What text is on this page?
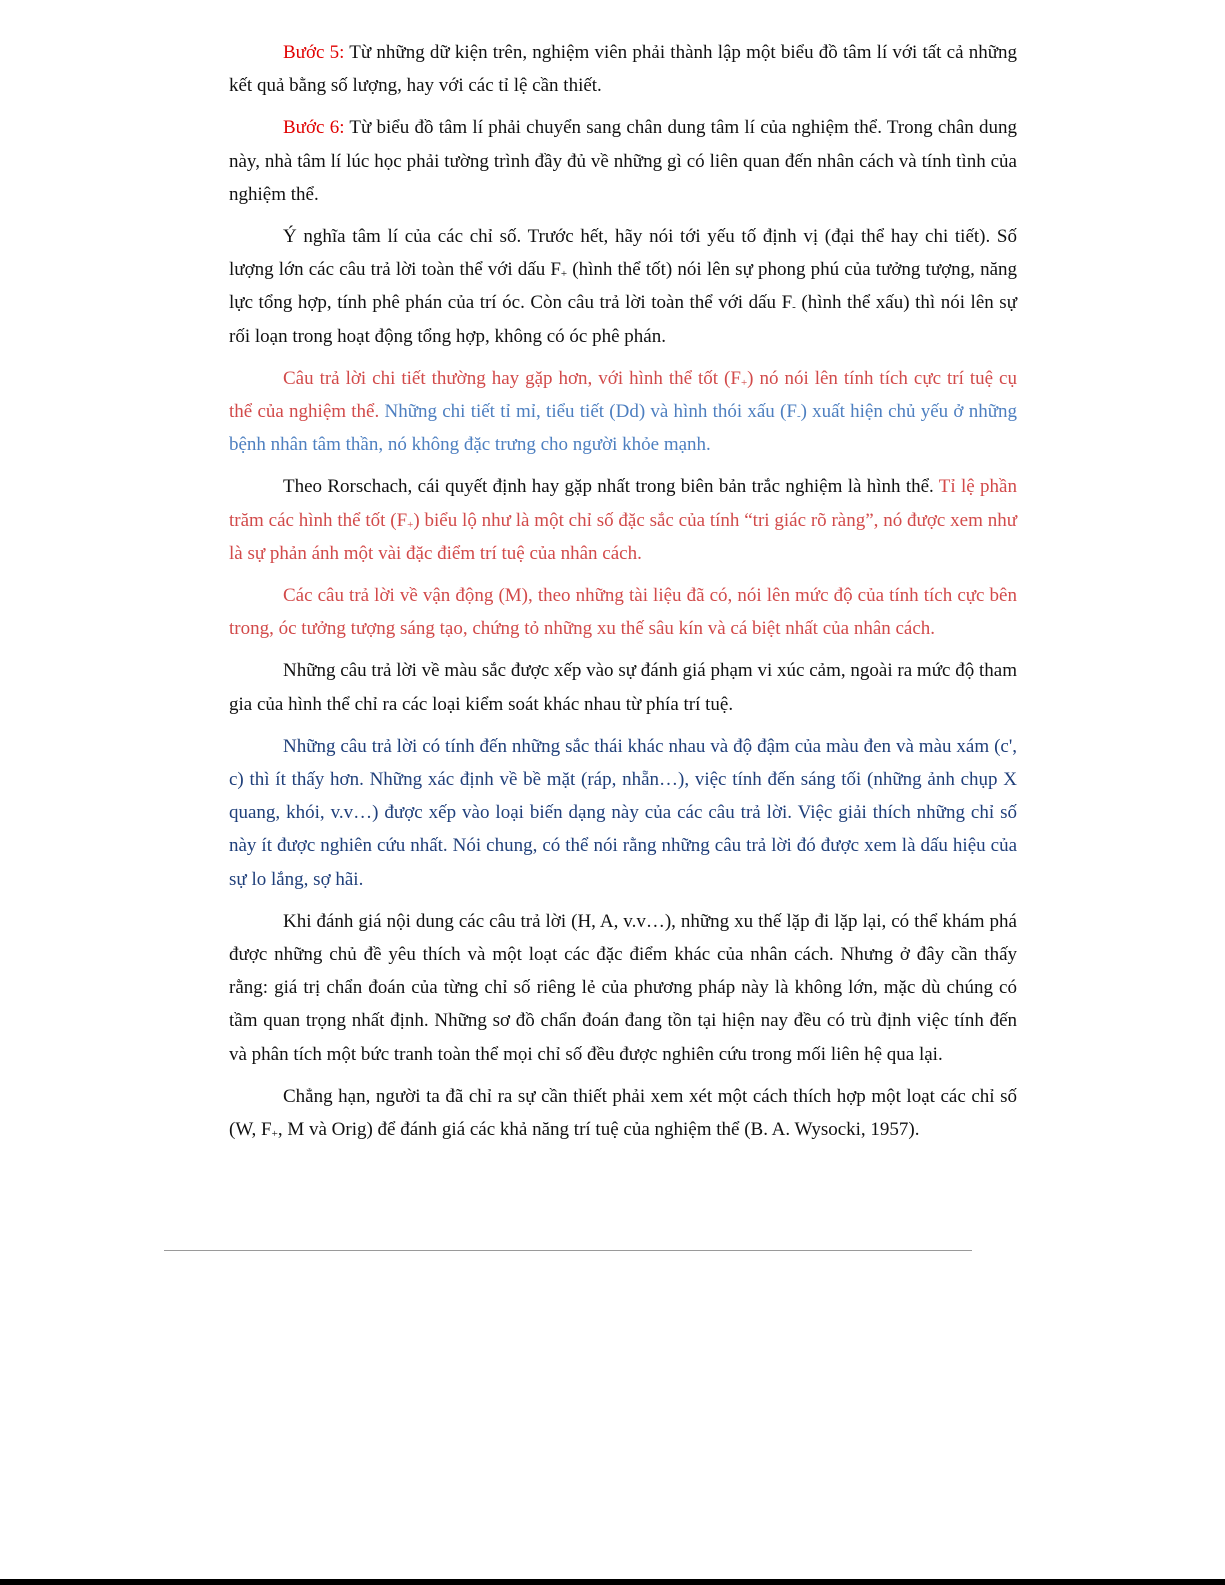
Bước 5: Từ những dữ kiện trên, nghiệm viên phải thành lập một biểu đồ tâm lí với tất cả những kết quả bằng số lượng, hay với các tỉ lệ cần thiết.

Bước 6: Từ biểu đồ tâm lí phải chuyển sang chân dung tâm lí của nghiệm thể. Trong chân dung này, nhà tâm lí lúc học phải tường trình đầy đủ về những gì có liên quan đến nhân cách và tính tình của nghiệm thể.

Ý nghĩa tâm lí của các chỉ số. Trước hết, hãy nói tới yếu tố định vị (đại thể hay chi tiết). Số lượng lớn các câu trả lời toàn thể với dấu $F_+$ (hình thể tốt) nói lên sự phong phú của tưởng tượng, năng lực tổng hợp, tính phê phán của trí óc. Còn câu trả lời toàn thể với dấu $F_-$ (hình thể xấu) thì nói lên sự rối loạn trong hoạt động tổng hợp, không có óc phê phán.

Câu trả lời chi tiết thường hay gặp hơn, với hình thể tốt $(F_+)$ nó nói lên tính tích cực trí tuệ cụ thể của nghiệm thể. Những chi tiết tỉ mỉ, tiểu tiết (Dd) và hình thói xấu $(F_-)$ xuất hiện chủ yếu ở những bệnh nhân tâm thần, nó không đặc trưng cho người khỏe mạnh.

Theo Rorschach, cái quyết định hay gặp nhất trong biên bản trắc nghiệm là hình thể. Tỉ lệ phần trăm các hình thể tốt $(F_+)$ biểu lộ như là một chỉ số đặc sắc của tính “tri giác rõ ràng”, nó được xem như là sự phản ánh một vài đặc điểm trí tuệ của nhân cách.

Các câu trả lời về vận động (M), theo những tài liệu đã có, nói lên mức độ của tính tích cực bên trong, óc tưởng tượng sáng tạo, chứng tỏ những xu thế sâu kín và cá biệt nhất của nhân cách.

Những câu trả lời về màu sắc được xếp vào sự đánh giá phạm vi xúc cảm, ngoài ra mức độ tham gia của hình thể chỉ ra các loại kiểm soát khác nhau từ phía trí tuệ.

Những câu trả lời có tính đến những sắc thái khác nhau và độ đậm của màu đen và màu xám (c', c) thì ít thấy hơn. Những xác định về bề mặt (ráp, nhẵn…), việc tính đến sáng tối (những ảnh chụp X quang, khói, v.v…) được xếp vào loại biến dạng này của các câu trả lời. Việc giải thích những chỉ số này ít được nghiên cứu nhất. Nói chung, có thể nói rằng những câu trả lời đó được xem là dấu hiệu của sự lo lắng, sợ hãi.

Khi đánh giá nội dung các câu trả lời (H, A, v.v…), những xu thế lặp đi lặp lại, có thể khám phá được những chủ đề yêu thích và một loạt các đặc điểm khác của nhân cách. Nhưng ở đây cần thấy rằng: giá trị chẩn đoán của từng chỉ số riêng lẻ của phương pháp này là không lớn, mặc dù chúng có tầm quan trọng nhất định. Những sơ đồ chẩn đoán đang tồn tại hiện nay đều có trù định việc tính đến và phân tích một bức tranh toàn thể mọi chỉ số đều được nghiên cứu trong mối liên hệ qua lại.

Chẳng hạn, người ta đã chỉ ra sự cần thiết phải xem xét một cách thích hợp một loạt các chỉ số (W, $F_+$, M và Orig) để đánh giá các khả năng trí tuệ của nghiệm thể (B. A. Wysocki, 1957).
